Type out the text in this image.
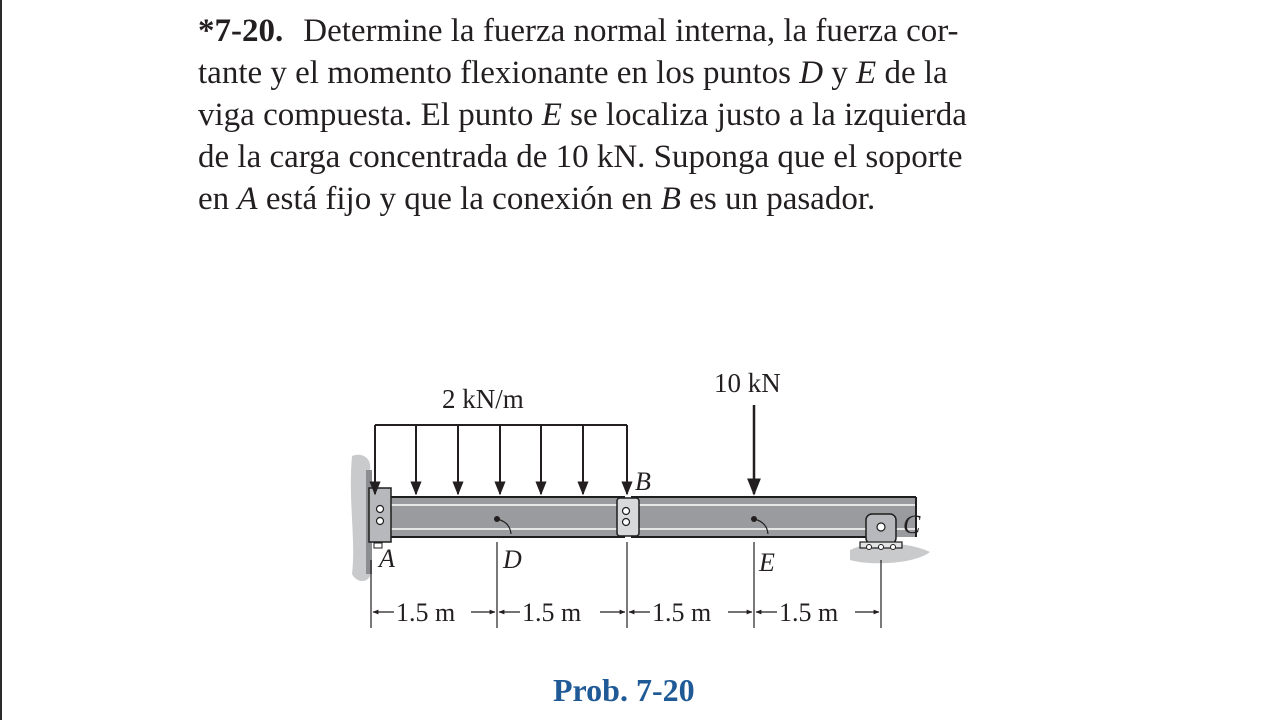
*7-20. Determine la fuerza normal interna, la fuerza cor-
tante y el momento flexionante en los puntos D y E de la
viga compuesta. El punto E se localiza justo a la izquierda
de la carga concentrada de 10 kN. Suponga que el soporte
en A está fijo y que la conexión en B es un pasador.
2 kN/m
10 kN
B
C
A	D	E
1.5 m	1.5 m	1.5 m	1.5 m
Prob. 7-20
